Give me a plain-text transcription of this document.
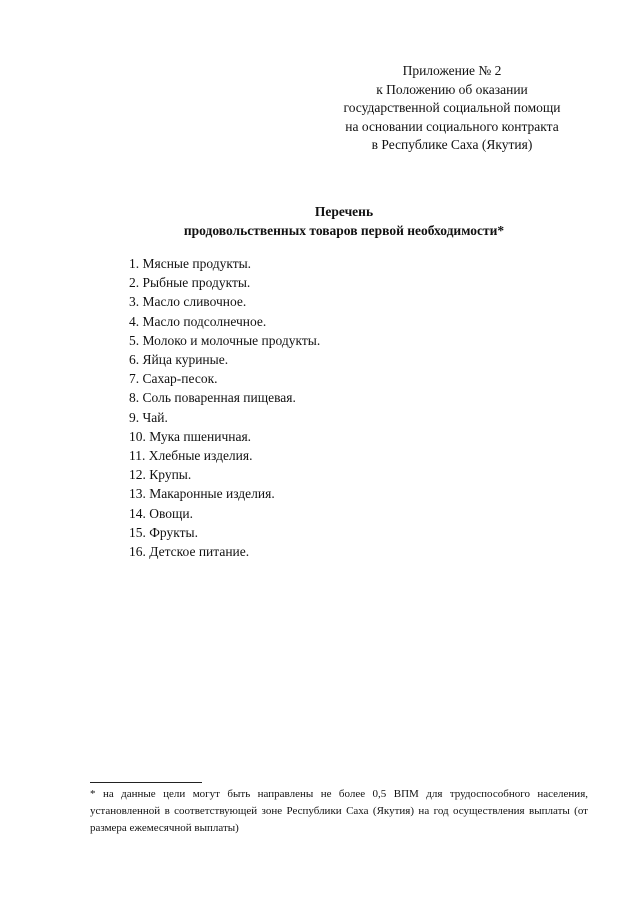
Приложение № 2
к Положению об оказании
государственной социальной помощи
на основании социального контракта
в Республике Саха (Якутия)
Перечень
продовольственных товаров первой необходимости*
1. Мясные продукты.
2. Рыбные продукты.
3. Масло сливочное.
4. Масло подсолнечное.
5. Молоко и молочные продукты.
6. Яйца куриные.
7. Сахар-песок.
8. Соль поваренная пищевая.
9. Чай.
10. Мука пшеничная.
11. Хлебные изделия.
12. Крупы.
13. Макаронные изделия.
14. Овощи.
15. Фрукты.
16. Детское питание.
* на данные цели могут быть направлены не более 0,5 ВПМ для трудоспособного населения, установленной в соответствующей зоне Республики Саха (Якутия) на год осуществления выплаты (от размера ежемесячной выплаты)
